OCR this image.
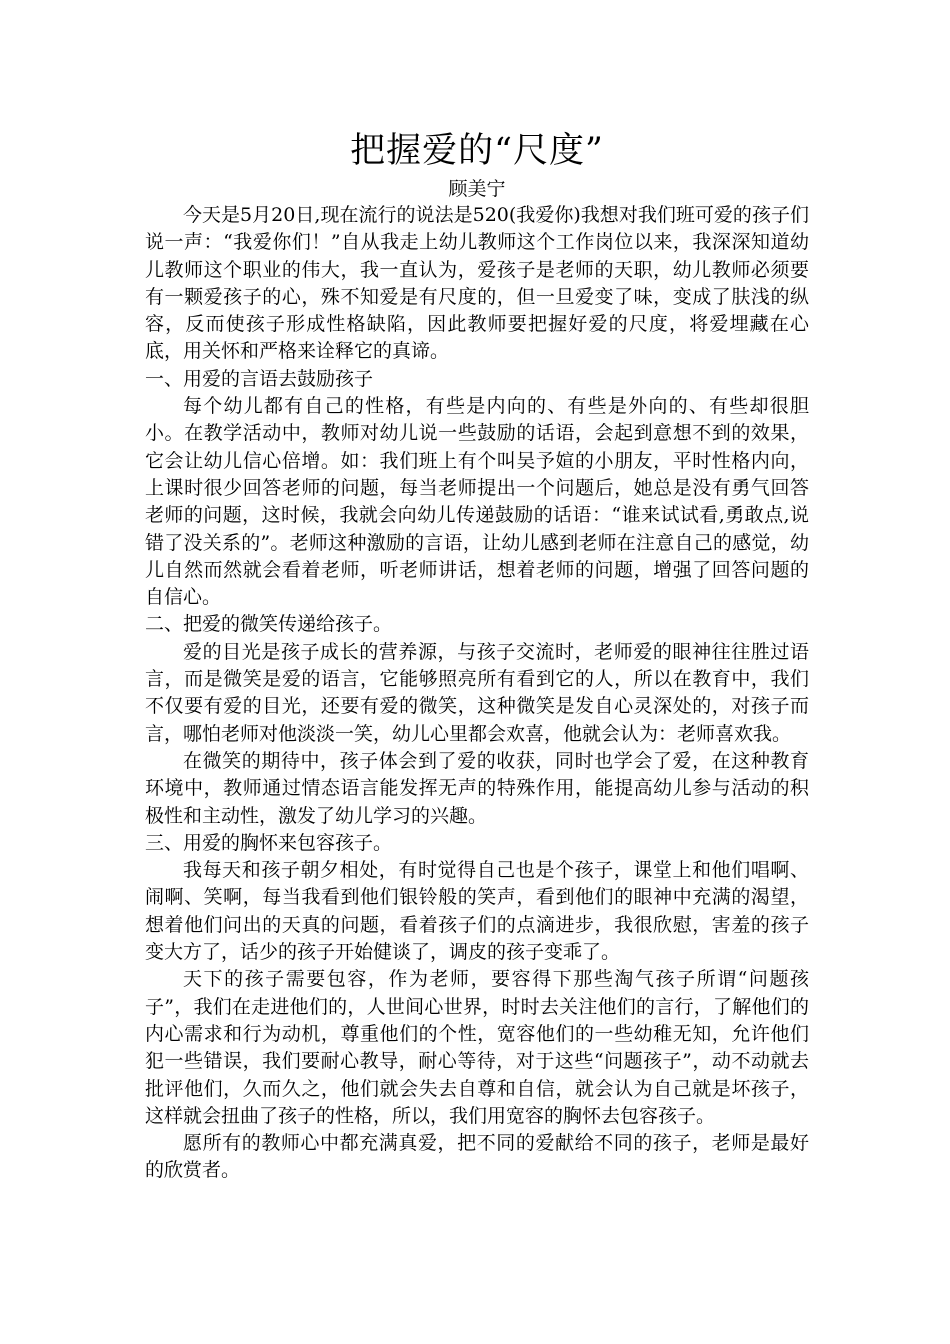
把握爱的“尺度”

顾美宁

今天是5月20日,现在流行的说法是520(我爱你)我想对我们班可爱的孩子们说一声：“我爱你们！”自从我走上幼儿教师这个工作岗位以来，我深深知道幼儿教师这个职业的伟大，我一直认为，爱孩子是老师的天职，幼儿教师必须要有一颗爱孩子的心，殊不知爱是有尺度的，但一旦爱变了味，变成了肤浅的纵容，反而使孩子形成性格缺陷，因此教师要把握好爱的尺度，将爱埋藏在心底，用关怀和严格来诠释它的真谛。

一、用爱的言语去鼓励孩子

每个幼儿都有自己的性格，有些是内向的、有些是外向的、有些却很胆小。在教学活动中，教师对幼儿说一些鼓励的话语，会起到意想不到的效果，它会让幼儿信心倍增。如：我们班上有个叫吴予媗的小朋友，平时性格内向，上课时很少回答老师的问题，每当老师提出一个问题后，她总是没有勇气回答老师的问题，这时候，我就会向幼儿传递鼓励的话语：“谁来试试看,勇敢点,说错了没关系的”。老师这种激励的言语，让幼儿感到老师在注意自己的感觉，幼儿自然而然就会看着老师，听老师讲话，想着老师的问题，增强了回答问题的自信心。

二、把爱的微笑传递给孩子。

爱的目光是孩子成长的营养源，与孩子交流时，老师爱的眼神往往胜过语言，而是微笑是爱的语言，它能够照亮所有看到它的人，所以在教育中，我们不仅要有爱的目光，还要有爱的微笑，这种微笑是发自心灵深处的，对孩子而言，哪怕老师对他淡淡一笑，幼儿心里都会欢喜，他就会认为：老师喜欢我。

在微笑的期待中，孩子体会到了爱的收获，同时也学会了爱，在这种教育环境中，教师通过情态语言能发挥无声的特殊作用，能提高幼儿参与活动的积极性和主动性，激发了幼儿学习的兴趣。

三、用爱的胸怀来包容孩子。

我每天和孩子朝夕相处，有时觉得自己也是个孩子，课堂上和他们唱啊、闹啊、笑啊，每当我看到他们银铃般的笑声，看到他们的眼神中充满的渴望，想着他们问出的天真的问题，看着孩子们的点滴进步，我很欣慰，害羞的孩子变大方了，话少的孩子开始健谈了，调皮的孩子变乖了。

天下的孩子需要包容，作为老师，要容得下那些淘气孩子所谓“问题孩子”，我们在走进他们的，人世间心世界，时时去关注他们的言行，了解他们的内心需求和行为动机，尊重他们的个性，宽容他们的一些幼稚无知，允许他们犯一些错误，我们要耐心教导，耐心等待，对于这些“问题孩子”，动不动就去批评他们，久而久之，他们就会失去自尊和自信，就会认为自己就是坏孩子，这样就会扭曲了孩子的性格，所以，我们用宽容的胸怀去包容孩子。

愿所有的教师心中都充满真爱，把不同的爱献给不同的孩子，老师是最好的欣赏者。
